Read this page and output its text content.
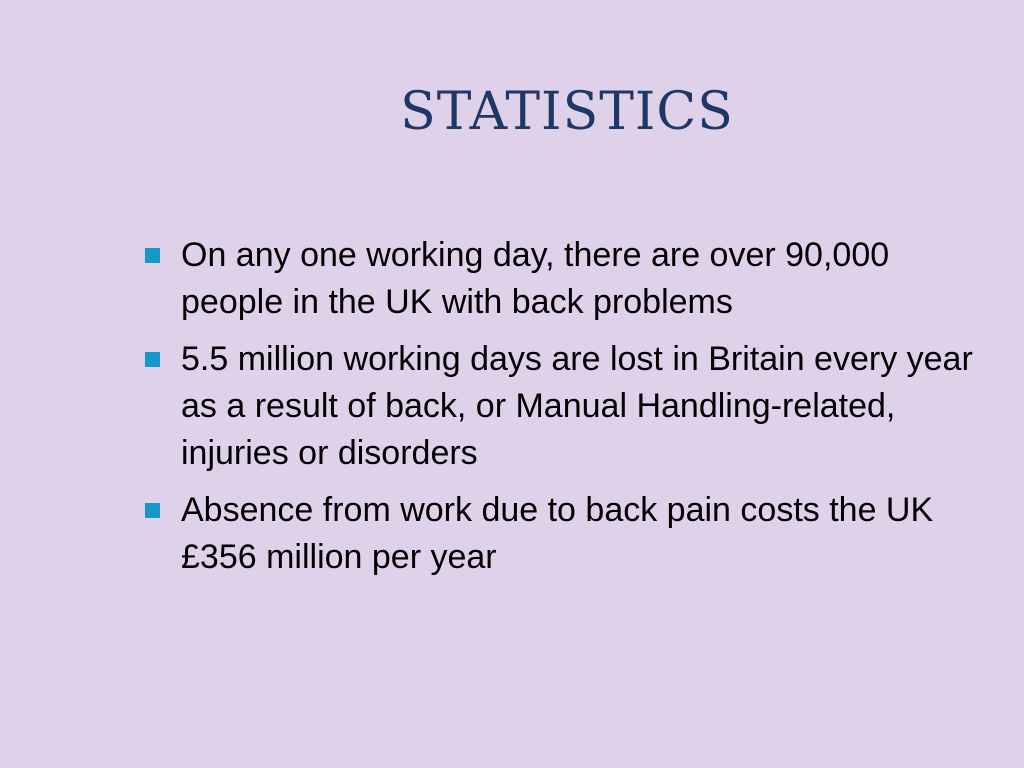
STATISTICS
On any one working day, there are over 90,000 people in the UK with back problems
5.5 million working days are lost in Britain every year as a result of back, or Manual Handling-related, injuries or disorders
Absence from work due to back pain costs the UK £356 million per year
